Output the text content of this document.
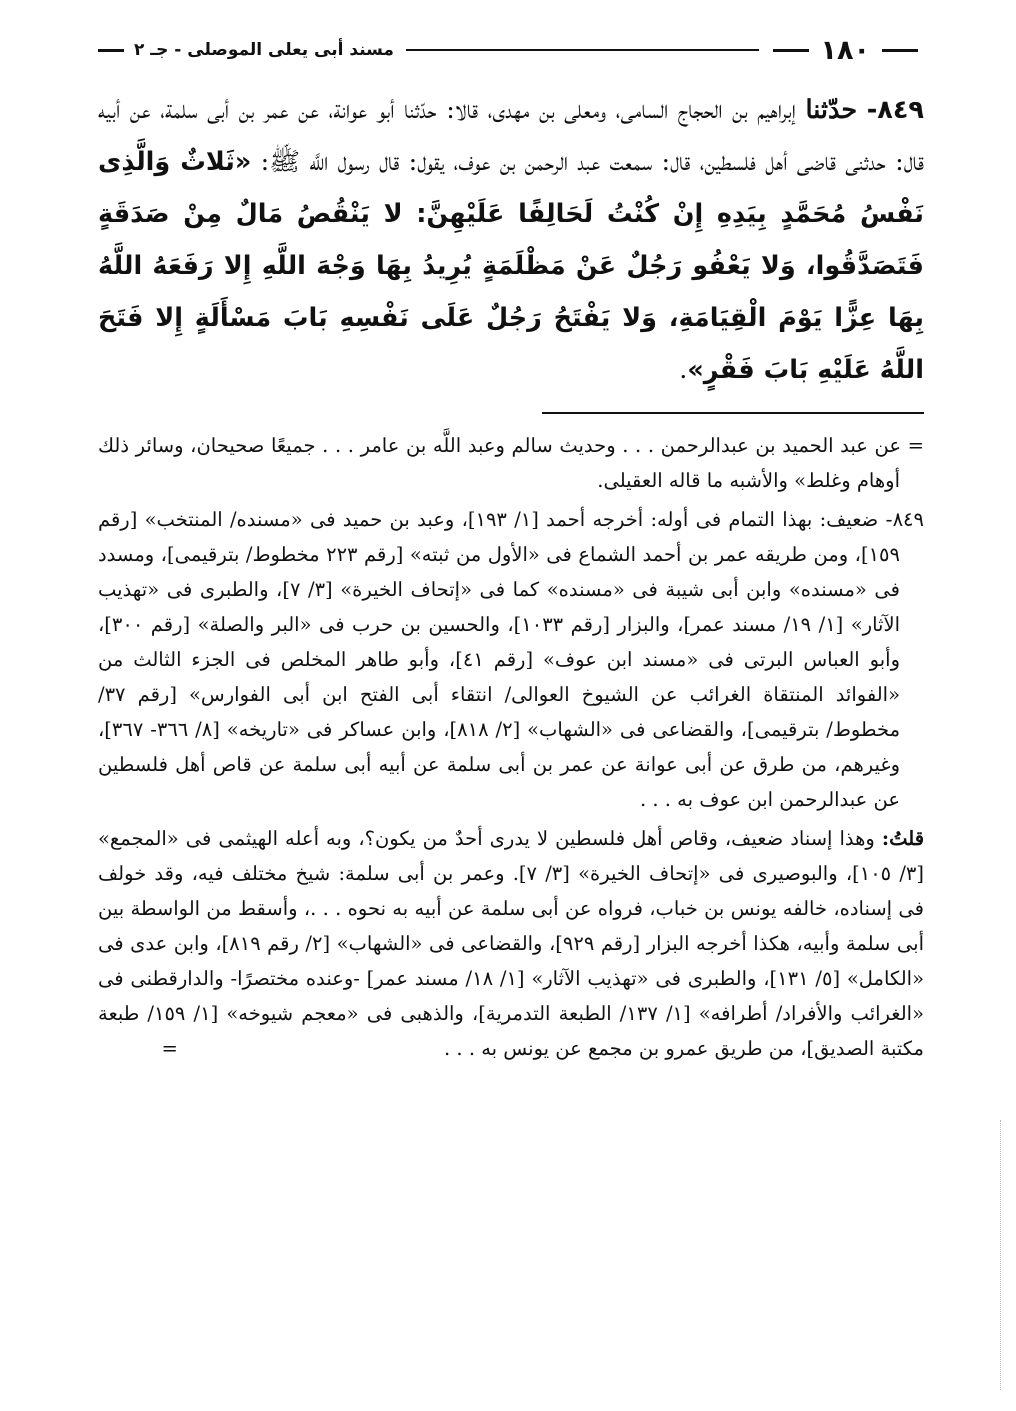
١٨٠
مسند أبى يعلى الموصلى - جـ ٢
٨٤٩- حدّثنا إبراهيم بن الحجاج السامى، ومعلى بن مهدى، قالا: حدّثنا أبو عوانة، عن عمر بن أبى سلمة، عن أبيه قال: حدثنى قاضى أهل فلسطين، قال: سمعت عبد الرحمن بن عوف، يقول: قال رسول اللَّه ﷺ: «ثَلاثٌ وَالَّذِى نَفْسُ مُحَمَّدٍ بِيَدِهِ إِنْ كُنْتُ لَحَالِفًا عَلَيْهِنَّ: لا يَنْقُصُ مَالٌ مِنْ صَدَقَةٍ فَتَصَدَّقُوا، وَلا يَعْفُو رَجُلٌ عَنْ مَظْلَمَةٍ يُرِيدُ بِهَا وَجْهَ اللَّهِ إِلا رَفَعَهُ اللَّهُ بِهَا عِزًّا يَوْمَ الْقِيَامَةِ، وَلا يَفْتَحُ رَجُلٌ عَلَى نَفْسِهِ بَابَ مَسْأَلَةٍ إِلا فَتَحَ اللَّهُ عَلَيْهِ بَابَ فَقْرٍ».

= عن عبد الحميد بن عبدالرحمن . . . وحديث سالم وعبد اللَّه بن عامر . . . جميعًا صحيحان، وسائر ذلك أوهام وغلط» والأشبه ما قاله العقيلى.

٨٤٩- ضعيف: بهذا التمام فى أوله: أخرجه أحمد [١/ ١٩٣]، وعبد بن حميد فى «مسنده/ المنتخب» [رقم ١٥٩]، ومن طريقه عمر بن أحمد الشماع فى «الأول من ثبته» [رقم ٢٢٣ مخطوط/ بترقيمى]، ومسدد فى «مسنده» وابن أبى شيبة فى «مسنده» كما فى «إتحاف الخيرة» [٣/ ٧]، والطبرى فى «تهذيب الآثار» [١/ ١٩/ مسند عمر]، والبزار [رقم ١٠٣٣]، والحسين بن حرب فى «البر والصلة» [رقم ٣٠٠]، وأبو العباس البرتى فى «مسند ابن عوف» [رقم ٤١]، وأبو طاهر المخلص فى الجزء الثالث من «الفوائد المنتقاة الغرائب عن الشيوخ العوالى/ انتقاء أبى الفتح ابن أبى الفوارس» [رقم ٣٧/ مخطوط/ بترقيمى]، والقضاعى فى «الشهاب» [٢/ ٨١٨]، وابن عساكر فى «تاريخه» [٨/ ٣٦٦- ٣٦٧]، وغيرهم، من طرق عن أبى عوانة عن عمر بن أبى سلمة عن أبيه أبى سلمة عن قاص أهل فلسطين عن عبدالرحمن ابن عوف به . . .

قلتُ: وهذا إسناد ضعيف، وقاص أهل فلسطين لا يدرى أحدٌ من يكون؟، وبه أعله الهيثمى فى «المجمع» [٣/ ١٠٥]، والبوصيرى فى «إتحاف الخيرة» [٣/ ٧]. وعمر بن أبى سلمة: شيخ مختلف فيه، وقد خولف فى إسناده، خالفه يونس بن خباب، فرواه عن أبى سلمة عن أبيه به نحوه . . .، وأسقط من الواسطة بين أبى سلمة وأبيه، هكذا أخرجه البزار [رقم ٩٢٩]، والقضاعى فى «الشهاب» [٢/ رقم ٨١٩]، وابن عدى فى «الكامل» [٥/ ١٣١]، والطبرى فى «تهذيب الآثار» [١/ ١٨/ مسند عمر] -وعنده مختصرًا- والدارقطنى فى «الغرائب والأفراد/ أطرافه» [١/ ١٣٧/ الطبعة التدمرية]، والذهبى فى «معجم شيوخه» [١/ ١٥٩/ طبعة مكتبة الصديق]، من طريق عمرو بن مجمع عن يونس به . . . =
